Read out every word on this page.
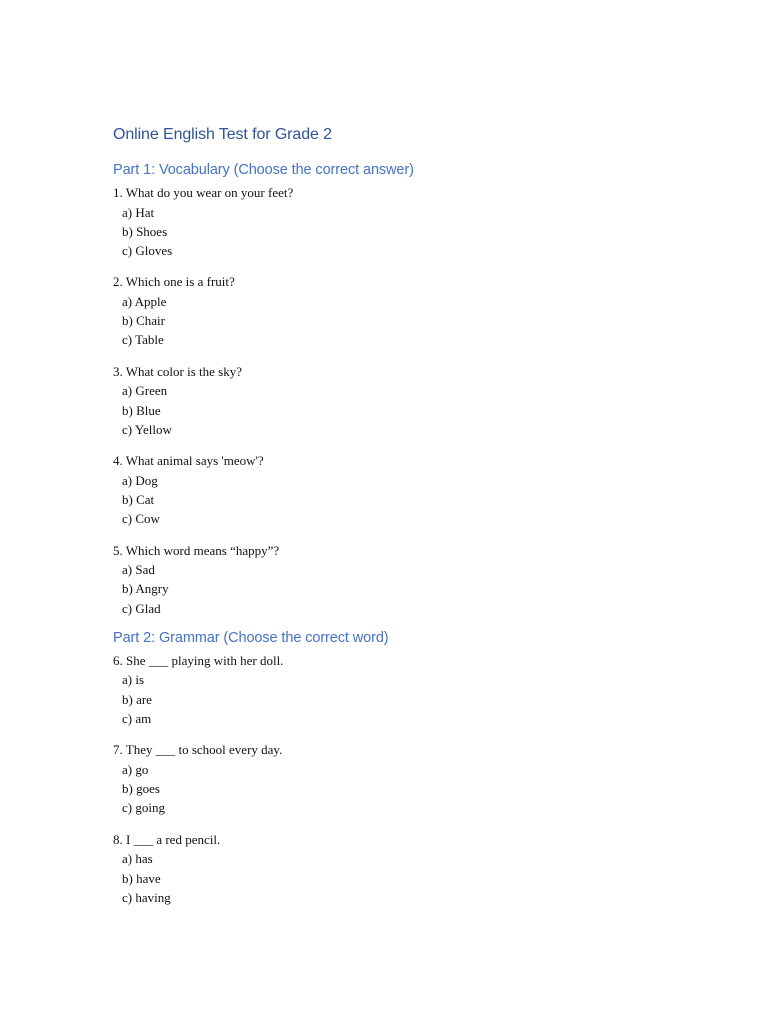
Online English Test for Grade 2
Part 1: Vocabulary (Choose the correct answer)
1. What do you wear on your feet?
a) Hat
b) Shoes
c) Gloves
2. Which one is a fruit?
a) Apple
b) Chair
c) Table
3. What color is the sky?
a) Green
b) Blue
c) Yellow
4. What animal says 'meow'?
a) Dog
b) Cat
c) Cow
5. Which word means “happy”?
a) Sad
b) Angry
c) Glad
Part 2: Grammar (Choose the correct word)
6. She ___ playing with her doll.
a) is
b) are
c) am
7. They ___ to school every day.
a) go
b) goes
c) going
8. I ___ a red pencil.
a) has
b) have
c) having
